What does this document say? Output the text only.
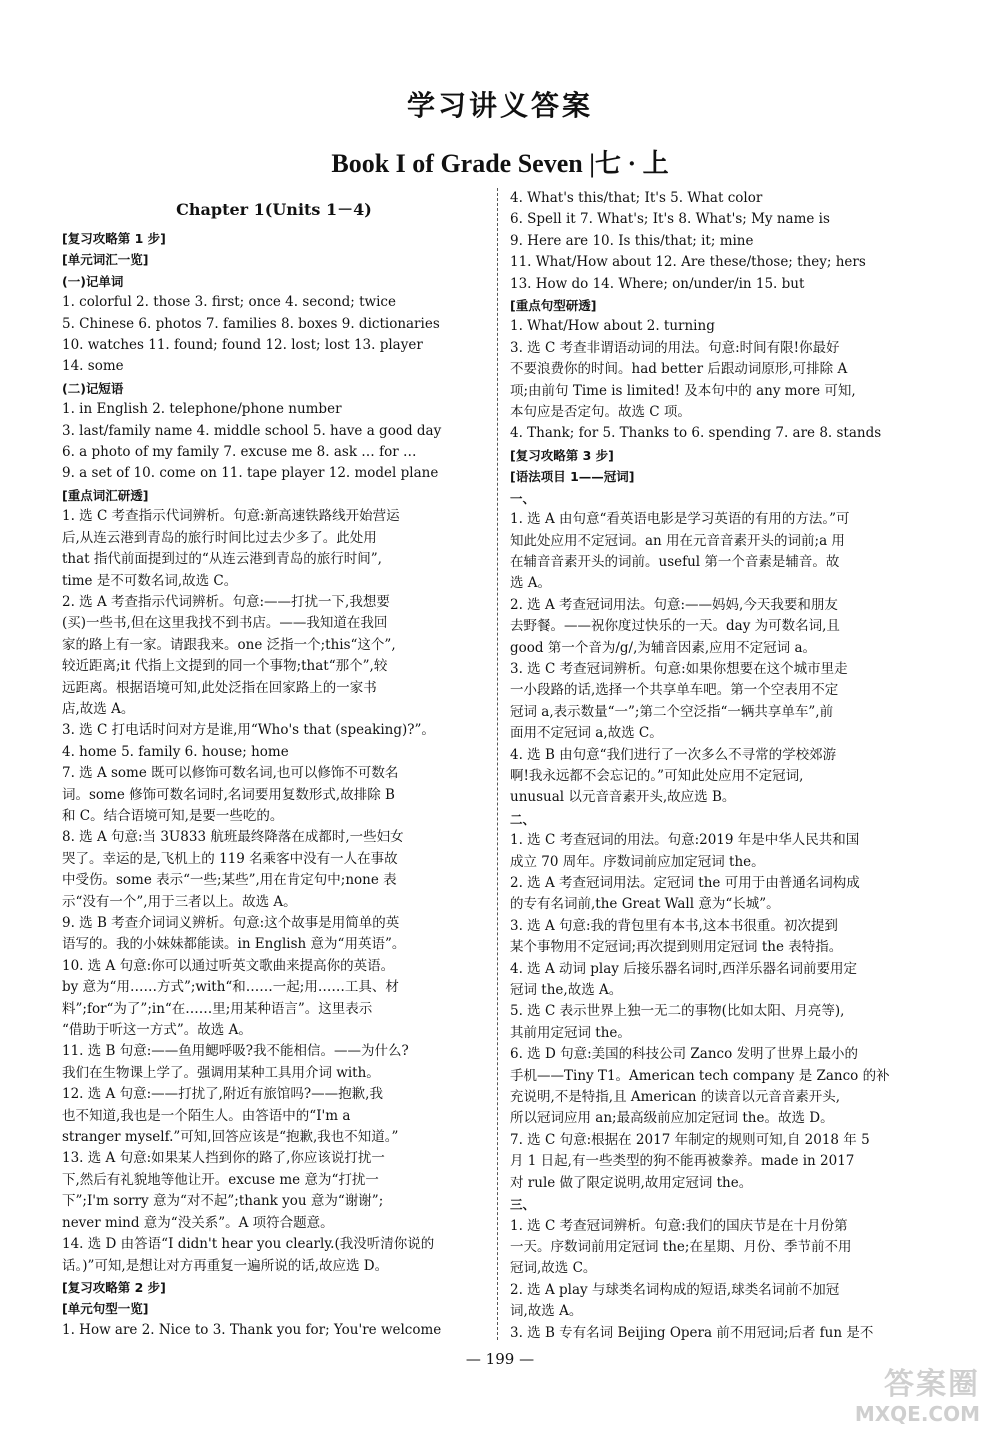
学习讲义答案
Book I of Grade Seven |七 · 上
Chapter 1(Units 1－4)
[复习攻略第 1 步]
[单元词汇一览]
(一)记单词
1. colorful 2. those 3. first; once 4. second; twice
5. Chinese 6. photos 7. families 8. boxes 9. dictionaries
10. watches 11. found; found 12. lost; lost 13. player
14. some
(二)记短语
1. in English 2. telephone/phone number
3. last/family name 4. middle school 5. have a good day
6. a photo of my family 7. excuse me 8. ask … for …
9. a set of 10. come on 11. tape player 12. model plane
[重点词汇研透]
1. 选 C 考查指示代词辨析。句意:新高速铁路线开始营运
后,从连云港到青岛的旅行时间比过去少多了。此处用
that 指代前面提到过的“从连云港到青岛的旅行时间”,
time 是不可数名词,故选 C。
2. 选 A 考查指示代词辨析。句意:——打扰一下,我想要
(买)一些书,但在这里我找不到书店。——我知道在我回
家的路上有一家。请跟我来。one 泛指一个;this“这个”,
较近距离;it 代指上文提到的同一个事物;that“那个”,较
远距离。根据语境可知,此处泛指在回家路上的一家书
店,故选 A。
3. 选 C 打电话时问对方是谁,用“Who's that (speaking)?”。
4. home 5. family 6. house; home
7. 选 A some 既可以修饰可数名词,也可以修饰不可数名
词。some 修饰可数名词时,名词要用复数形式,故排除 B
和 C。结合语境可知,是要一些吃的。
8. 选 A 句意:当 3U833 航班最终降落在成都时,一些妇女
哭了。幸运的是,飞机上的 119 名乘客中没有一人在事故
中受伤。some 表示“一些;某些”,用在肯定句中;none 表
示“没有一个”,用于三者以上。故选 A。
9. 选 B 考查介词词义辨析。句意:这个故事是用简单的英
语写的。我的小妹妹都能读。in English 意为“用英语”。
10. 选 A 句意:你可以通过听英文歌曲来提高你的英语。
by 意为“用……方式”;with“和……一起;用……工具、材
料”;for“为了”;in“在……里;用某种语言”。这里表示
“借助于听这一方式”。故选 A。
11. 选 B 句意:——鱼用鳃呼吸?我不能相信。——为什么?
我们在生物课上学了。强调用某种工具用介词 with。
12. 选 A 句意:——打扰了,附近有旅馆吗?——抱歉,我
也不知道,我也是一个陌生人。由答语中的“I'm a
stranger myself.”可知,回答应该是“抱歉,我也不知道。”
13. 选 A 句意:如果某人挡到你的路了,你应该说打扰一
下,然后有礼貌地等他让开。excuse me 意为“打扰一
下”;I'm sorry 意为“对不起”;thank you 意为“谢谢”;
never mind 意为“没关系”。A 项符合题意。
14. 选 D 由答语“I didn't hear you clearly.(我没听清你说的
话。)”可知,是想让对方再重复一遍所说的话,故应选 D。
[复习攻略第 2 步]
[单元句型一览]
1. How are 2. Nice to 3. Thank you for; You're welcome
4. What's this/that; It's 5. What color
6. Spell it 7. What's; It's 8. What's; My name is
9. Here are 10. Is this/that; it; mine
11. What/How about 12. Are these/those; they; hers
13. How do 14. Where; on/under/in 15. but
[重点句型研透]
1. What/How about 2. turning
3. 选 C 考查非谓语动词的用法。句意:时间有限!你最好
不要浪费你的时间。had better 后跟动词原形,可排除 A
项;由前句 Time is limited! 及本句中的 any more 可知,
本句应是否定句。故选 C 项。
4. Thank; for 5. Thanks to 6. spending 7. are 8. stands
[复习攻略第 3 步]
[语法项目 1——冠词]
一、
1. 选 A 由句意“看英语电影是学习英语的有用的方法。”可
知此处应用不定冠词。an 用在元音音素开头的词前;a 用
在辅音音素开头的词前。useful 第一个音素是辅音。故
选 A。
2. 选 A 考查冠词用法。句意:——妈妈,今天我要和朋友
去野餐。——祝你度过快乐的一天。day 为可数名词,且
good 第一个音为/g/,为辅音因素,应用不定冠词 a。
3. 选 C 考查冠词辨析。句意:如果你想要在这个城市里走
一小段路的话,选择一个共享单车吧。第一个空表用不定
冠词 a,表示数量“一”;第二个空泛指“一辆共享单车”,前
面用不定冠词 a,故选 C。
4. 选 B 由句意“我们进行了一次多么不寻常的学校郊游
啊!我永远都不会忘记的。”可知此处应用不定冠词,
unusual 以元音音素开头,故应选 B。
二、
1. 选 C 考查冠词的用法。句意:2019 年是中华人民共和国
成立 70 周年。序数词前应加定冠词 the。
2. 选 A 考查冠词用法。定冠词 the 可用于由普通名词构成
的专有名词前,the Great Wall 意为“长城”。
3. 选 A 句意:我的背包里有本书,这本书很重。初次提到
某个事物用不定冠词;再次提到则用定冠词 the 表特指。
4. 选 A 动词 play 后接乐器名词时,西洋乐器名词前要用定
冠词 the,故选 A。
5. 选 C 表示世界上独一无二的事物(比如太阳、月亮等),
其前用定冠词 the。
6. 选 D 句意:美国的科技公司 Zanco 发明了世界上最小的
手机——Tiny T1。American tech company 是 Zanco 的补
充说明,不是特指,且 American 的读音以元音音素开头,
所以冠词应用 an;最高级前应加定冠词 the。故选 D。
7. 选 C 句意:根据在 2017 年制定的规则可知,自 2018 年 5
月 1 日起,有一些类型的狗不能再被豢养。made in 2017
对 rule 做了限定说明,故用定冠词 the。
三、
1. 选 C 考查冠词辨析。句意:我们的国庆节是在十月份第
一天。序数词前用定冠词 the;在星期、月份、季节前不用
冠词,故选 C。
2. 选 A play 与球类名词构成的短语,球类名词前不加冠
词,故选 A。
3. 选 B 专有名词 Beijing Opera 前不用冠词;后者 fun 是不
— 199 —
答案圈
MXQE.COM
